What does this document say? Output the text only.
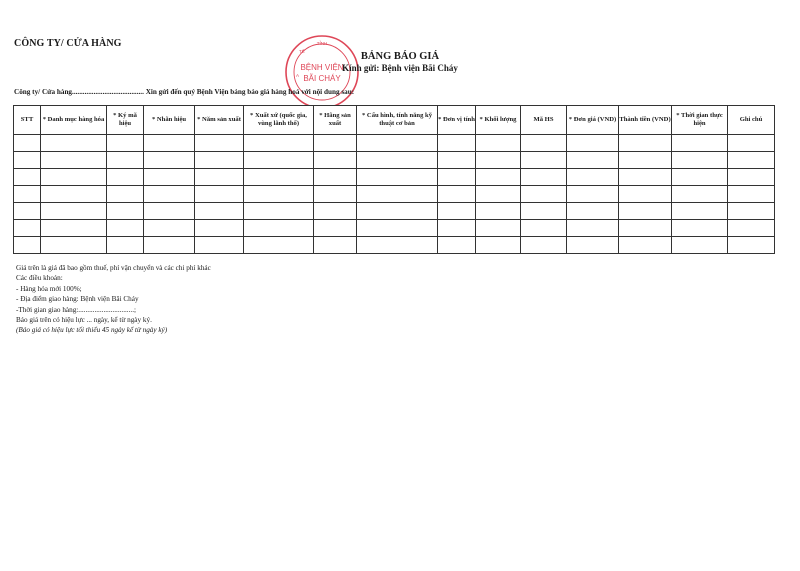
CÔNG TY/ CỬA HÀNG	TỈNH
BỆNH VIỆN
BÃI CHÁY
A
TẾ	BẢNG BÁO GIÁ
Kính gửi: Bệnh viện Bãi Cháy
Công ty/ Cửa hàng........................................ Xin gửi đến quý Bệnh Viện bảng báo giá hàng hoá với nội dung sau:
STT	* Danh mục hàng hóa	* Ký mã hiệu	* Nhãn hiệu	* Năm sản xuất	* Xuất xứ (quốc gia, vùng lãnh thổ)	* Hãng sản xuất	* Cấu hình, tính năng kỹ thuật cơ bản	* Đơn vị tính	* Khối lượng	Mã HS	* Đơn giá (VND)	Thành tiền (VND)	* Thời gian thực hiện	Ghi chú

Giá trên là giá đã bao gồm thuế, phí vận chuyển và các chi phí khác
Các điều khoản:
- Hàng hóa mới 100%;
- Địa điểm giao hàng: Bệnh viện Bãi Cháy
-Thời gian giao hàng:...............................;
Báo giá trên có hiệu lực ... ngày, kể từ ngày ký.
(Báo giá có hiệu lực tối thiểu 45 ngày kể từ ngày ký)
